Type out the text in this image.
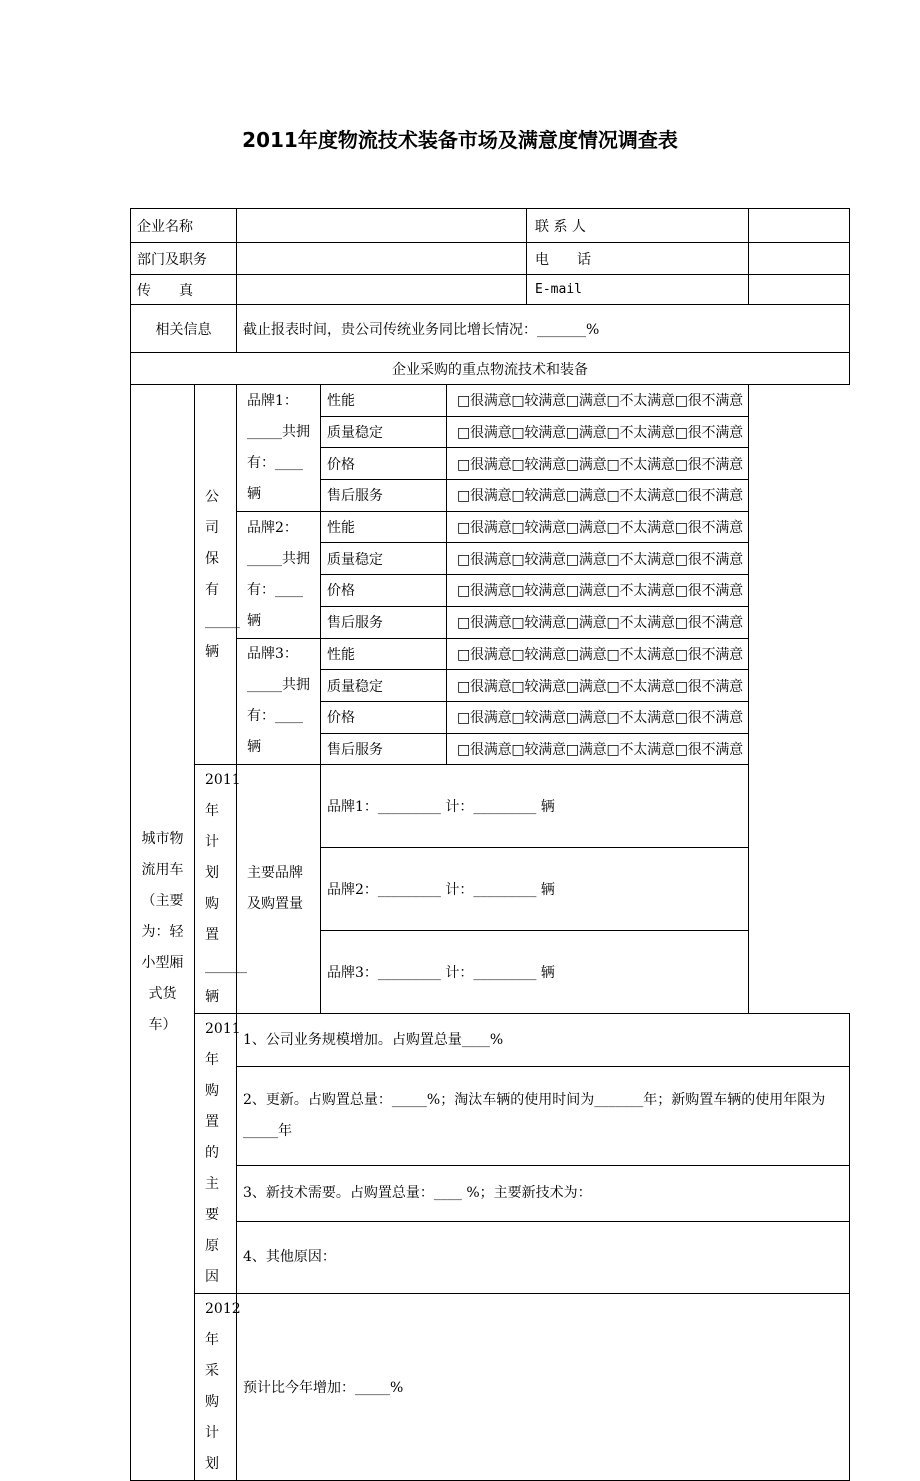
2011年度物流技术装备市场及满意度情况调查表
企业名称					联 系 人	
部门及职务					电　　话	
传　　真					E-mail	
相关信息		截止报表时间，贵公司传统业务同比增长情况：_______%				
企业采购的重点物流技术和装备						
城市物流用车（主要为：轻小型厢式货车）	公司保有_____辆	品牌1：_____共拥有：____辆	性能	□很满意□较满意□满意□不太满意□很不满意		
			质量稳定	□很满意□较满意□满意□不太满意□很不满意		
			价格	□很满意□较满意□满意□不太满意□很不满意		
			售后服务	□很满意□较满意□满意□不太满意□很不满意		
		品牌2：_____共拥有：____辆	性能	□很满意□较满意□满意□不太满意□很不满意		
			质量稳定	□很满意□较满意□满意□不太满意□很不满意		
			价格	□很满意□较满意□满意□不太满意□很不满意		
			售后服务	□很满意□较满意□满意□不太满意□很不满意		
		品牌3：_____共拥有：____辆	性能	□很满意□较满意□满意□不太满意□很不满意		
			质量稳定	□很满意□较满意□满意□不太满意□很不满意		
			价格	□很满意□较满意□满意□不太满意□很不满意		
			售后服务	□很满意□较满意□满意□不太满意□很不满意		
	2011年计划购置______辆	主要品牌及购置量	品牌1：_________ 计：_________ 辆			
			品牌2：_________ 计：_________ 辆			
			品牌3：_________ 计：_________ 辆			
	2011年购置的主要原因	1、公司业务规模增加。占购置总量____%				
		2、更新。占购置总量：_____%；淘汰车辆的使用时间为_______年；新购置车辆的使用年限为_____年				
		3、新技术需要。占购置总量：____ %；主要新技术为：				
		4、其他原因：				
	2012年采购计划	预计比今年增加：_____%				
